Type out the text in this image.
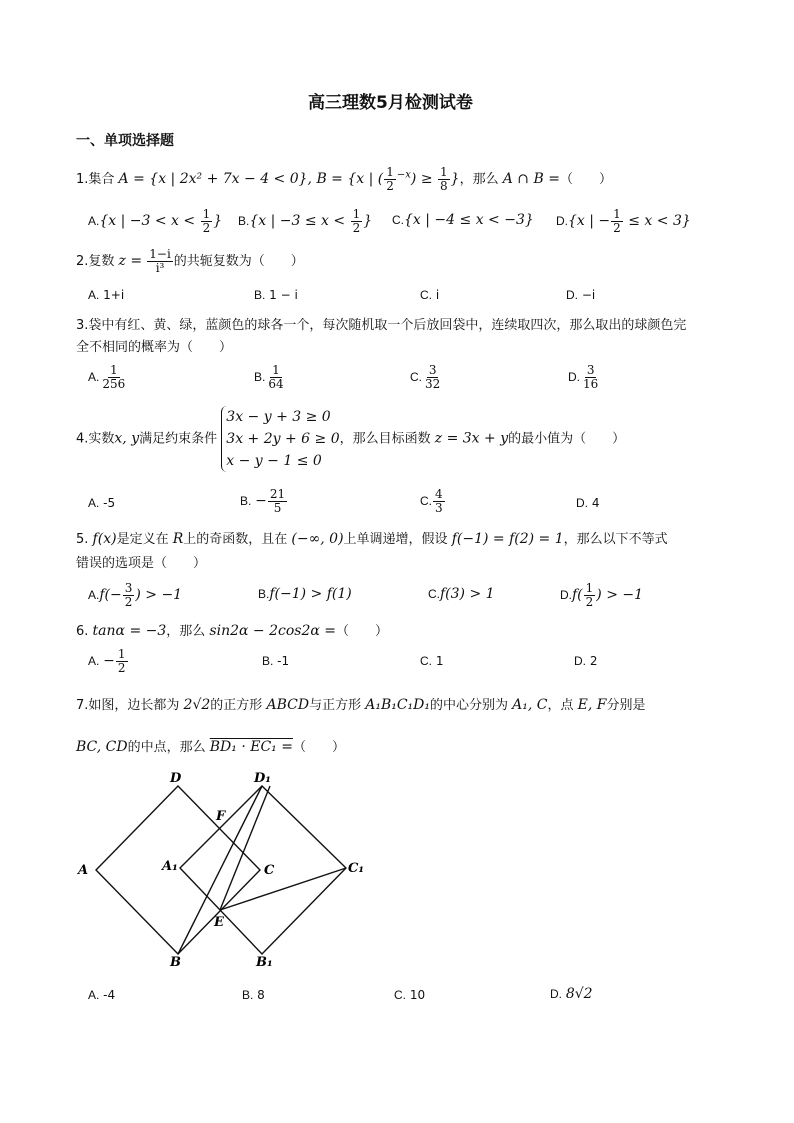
高三理数5月检测试卷
一、单项选择题
1.集合 A = {x | 2x² + 7x − 4 < 0}, B = {x | ( $\frac{1}{2} ^{-x}) \ge \frac{1}{8}$ }，那么 A ∩ B =（　　）
A.{x | $-3 < x < \frac{1}{2}$ } B.{x | $-3 \le x < \frac{1}{2}$ } C.{x | −4 ≤ x < −3} D.{x | − $\frac{1}{2} \le x < 3$}
2.复数 $z = \frac{1-i}{\text{i³}}$ 的共轭复数为（　　）
A. 1+i	B. 1 − i	C. i	D. −i
3.袋中有红、黄、绿，蓝颜色的球各一个，每次随机取一个后放回袋中，连续取四次，那么取出的球颜色完
全不相同的概率为（　　）
A. $\frac{1}{256}$	B. $\frac{1}{64}$	C. $\frac{3}{32}$	D. $\frac{3}{16}$
4.实数x, y满足约束条件 3x − y + 3 ≥ 0
3x + 2y + 6 ≥ 0
x − y − 1 ≤ 0，那么目标函数 z = 3x + y的最小值为（　　）
A. -5	B. − $\frac{21}{5}$	C. $\frac{4}{3}$	D. 4
5. f(x)是定义在 R上的奇函数，且在 (−∞, 0)上单调递增，假设 f(−1) = f(2) = 1，那么以下不等式
错误的选项是（　　）
$A.f(- \frac{3}{2}$ ) > −1	B.f(−1) > f(1)	C.f(3) > 1	$D.f( \frac{1}{2}$ ) > −1
6. tanα = −3，那么 sin2α − 2cos2α =（　　）
A. − $\frac{1}{2}$	B. -1	C. 1	D. 2
7.如图，边长都为 2√2的正方形 ABCD与正方形 A₁B₁C₁D₁的中心分别为 A₁, C，点 E, F分别是
BC, CD的中点，那么 BD₁ · EC₁ =（　　）
A
D
C
B
D₁
A₁	C₁
B₁
E
F
A. -4	B. 8	C. 10	D. 8√2
